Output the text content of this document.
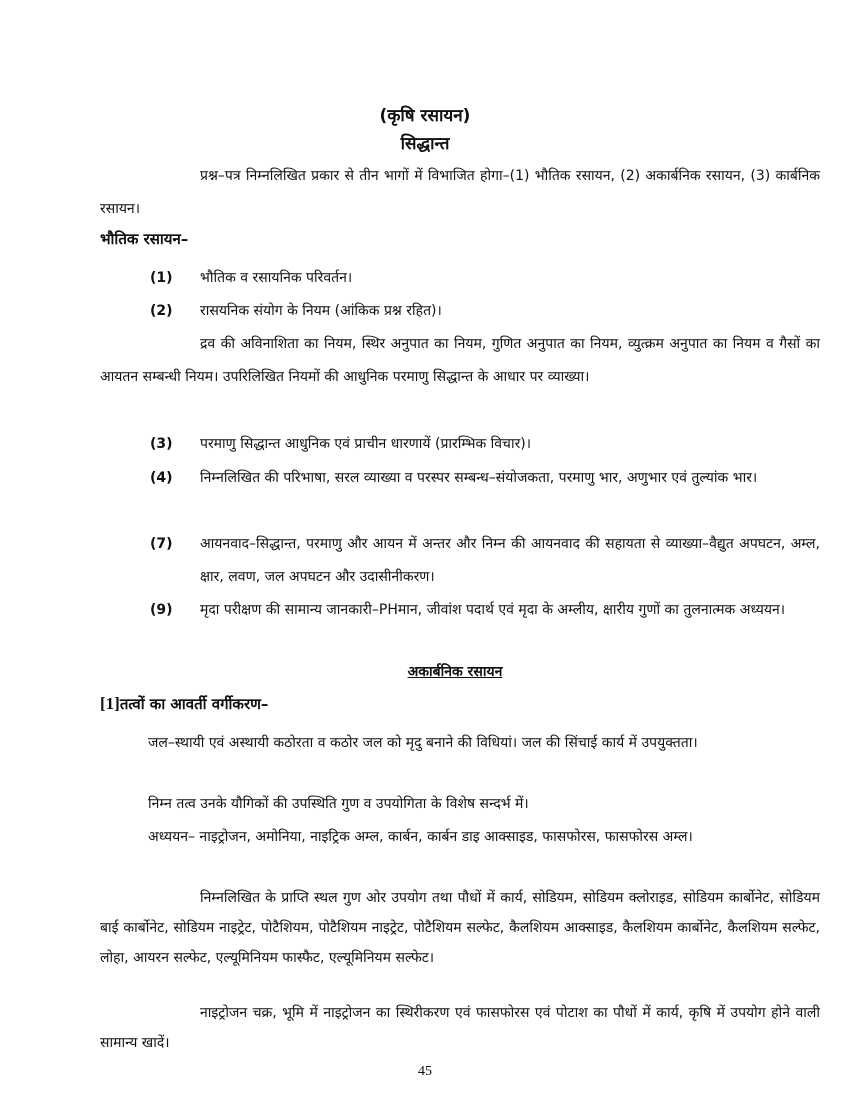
(कृषि रसायन)
सिद्धान्त
प्रश्न–पत्र निम्नलिखित प्रकार से तीन भागों में विभाजित होगा–(1) भौतिक रसायन, (2) अकार्बनिक रसायन, (3) कार्बनिक रसायन।
भौतिक रसायन–
(1) भौतिक व रसायनिक परिवर्तन।
(2) रासयनिक संयोग के नियम (आंकिक प्रश्न रहित)।
द्रव की अविनाशिता का नियम, स्थिर अनुपात का नियम, गुणित अनुपात का नियम, व्युत्क्रम अनुपात का नियम व गैसों का आयतन सम्बन्धी नियम। उपरिलिखित नियमों की आधुनिक परमाणु सिद्धान्त के आधार पर व्याख्या।
(3) परमाणु सिद्धान्त आधुनिक एवं प्राचीन धारणायें (प्रारम्भिक विचार)।
(4) निम्नलिखित की परिभाषा, सरल व्याख्या व परस्पर सम्बन्ध–संयोजकता, परमाणु भार, अणुभार एवं तुल्यांक भार।
(7) आयनवाद–सिद्धान्त, परमाणु और आयन में अन्तर और निम्न की आयनवाद की सहायता से व्याख्या–वैद्युत अपघटन, अम्ल, क्षार, लवण, जल अपघटन और उदासीनीकरण।
(9) मृदा परीक्षण की सामान्य जानकारी–PHमान, जीवांश पदार्थ एवं मृदा के अम्लीय, क्षारीय गुणों का तुलनात्मक अध्ययन।
अकार्बनिक रसायन
[1]तत्वों का आवर्ती वर्गीकरण–
जल–स्थायी एवं अस्थायी कठोरता व कठोर जल को मृदु बनाने की विधियां। जल की सिंचाई कार्य में उपयुक्तता।
निम्न तत्व उनके यौगिकों की उपस्थिति गुण व उपयोगिता के विशेष सन्दर्भ में।
अध्ययन– नाइट्रोजन, अमोनिया, नाइट्रिक अम्ल, कार्बन, कार्बन डाइ आक्साइड, फासफोरस, फासफोरस अम्ल।
निम्नलिखित के प्राप्ति स्थल गुण ओर उपयोग तथा पौधों में कार्य, सोडियम, सोडियम क्लोराइड, सोडियम कार्बोनेट, सोडियम बाई कार्बोनेट, सोडियम नाइट्रेट, पोटैशियम, पोटैशियम नाइट्रेट, पोटैशियम सल्फेट, कैलशियम आक्साइड, कैलशियम कार्बोनेट, कैलशियम सल्फेट, लोहा, आयरन सल्फेट, एल्यूमिनियम फास्फैट, एल्यूमिनियम सल्फेट।
नाइट्रोजन चक्र, भूमि में नाइट्रोजन का स्थिरीकरण एवं फासफोरस एवं पोटाश का पौधों में कार्य, कृषि में उपयोग होने वाली सामान्य खादें।
45
